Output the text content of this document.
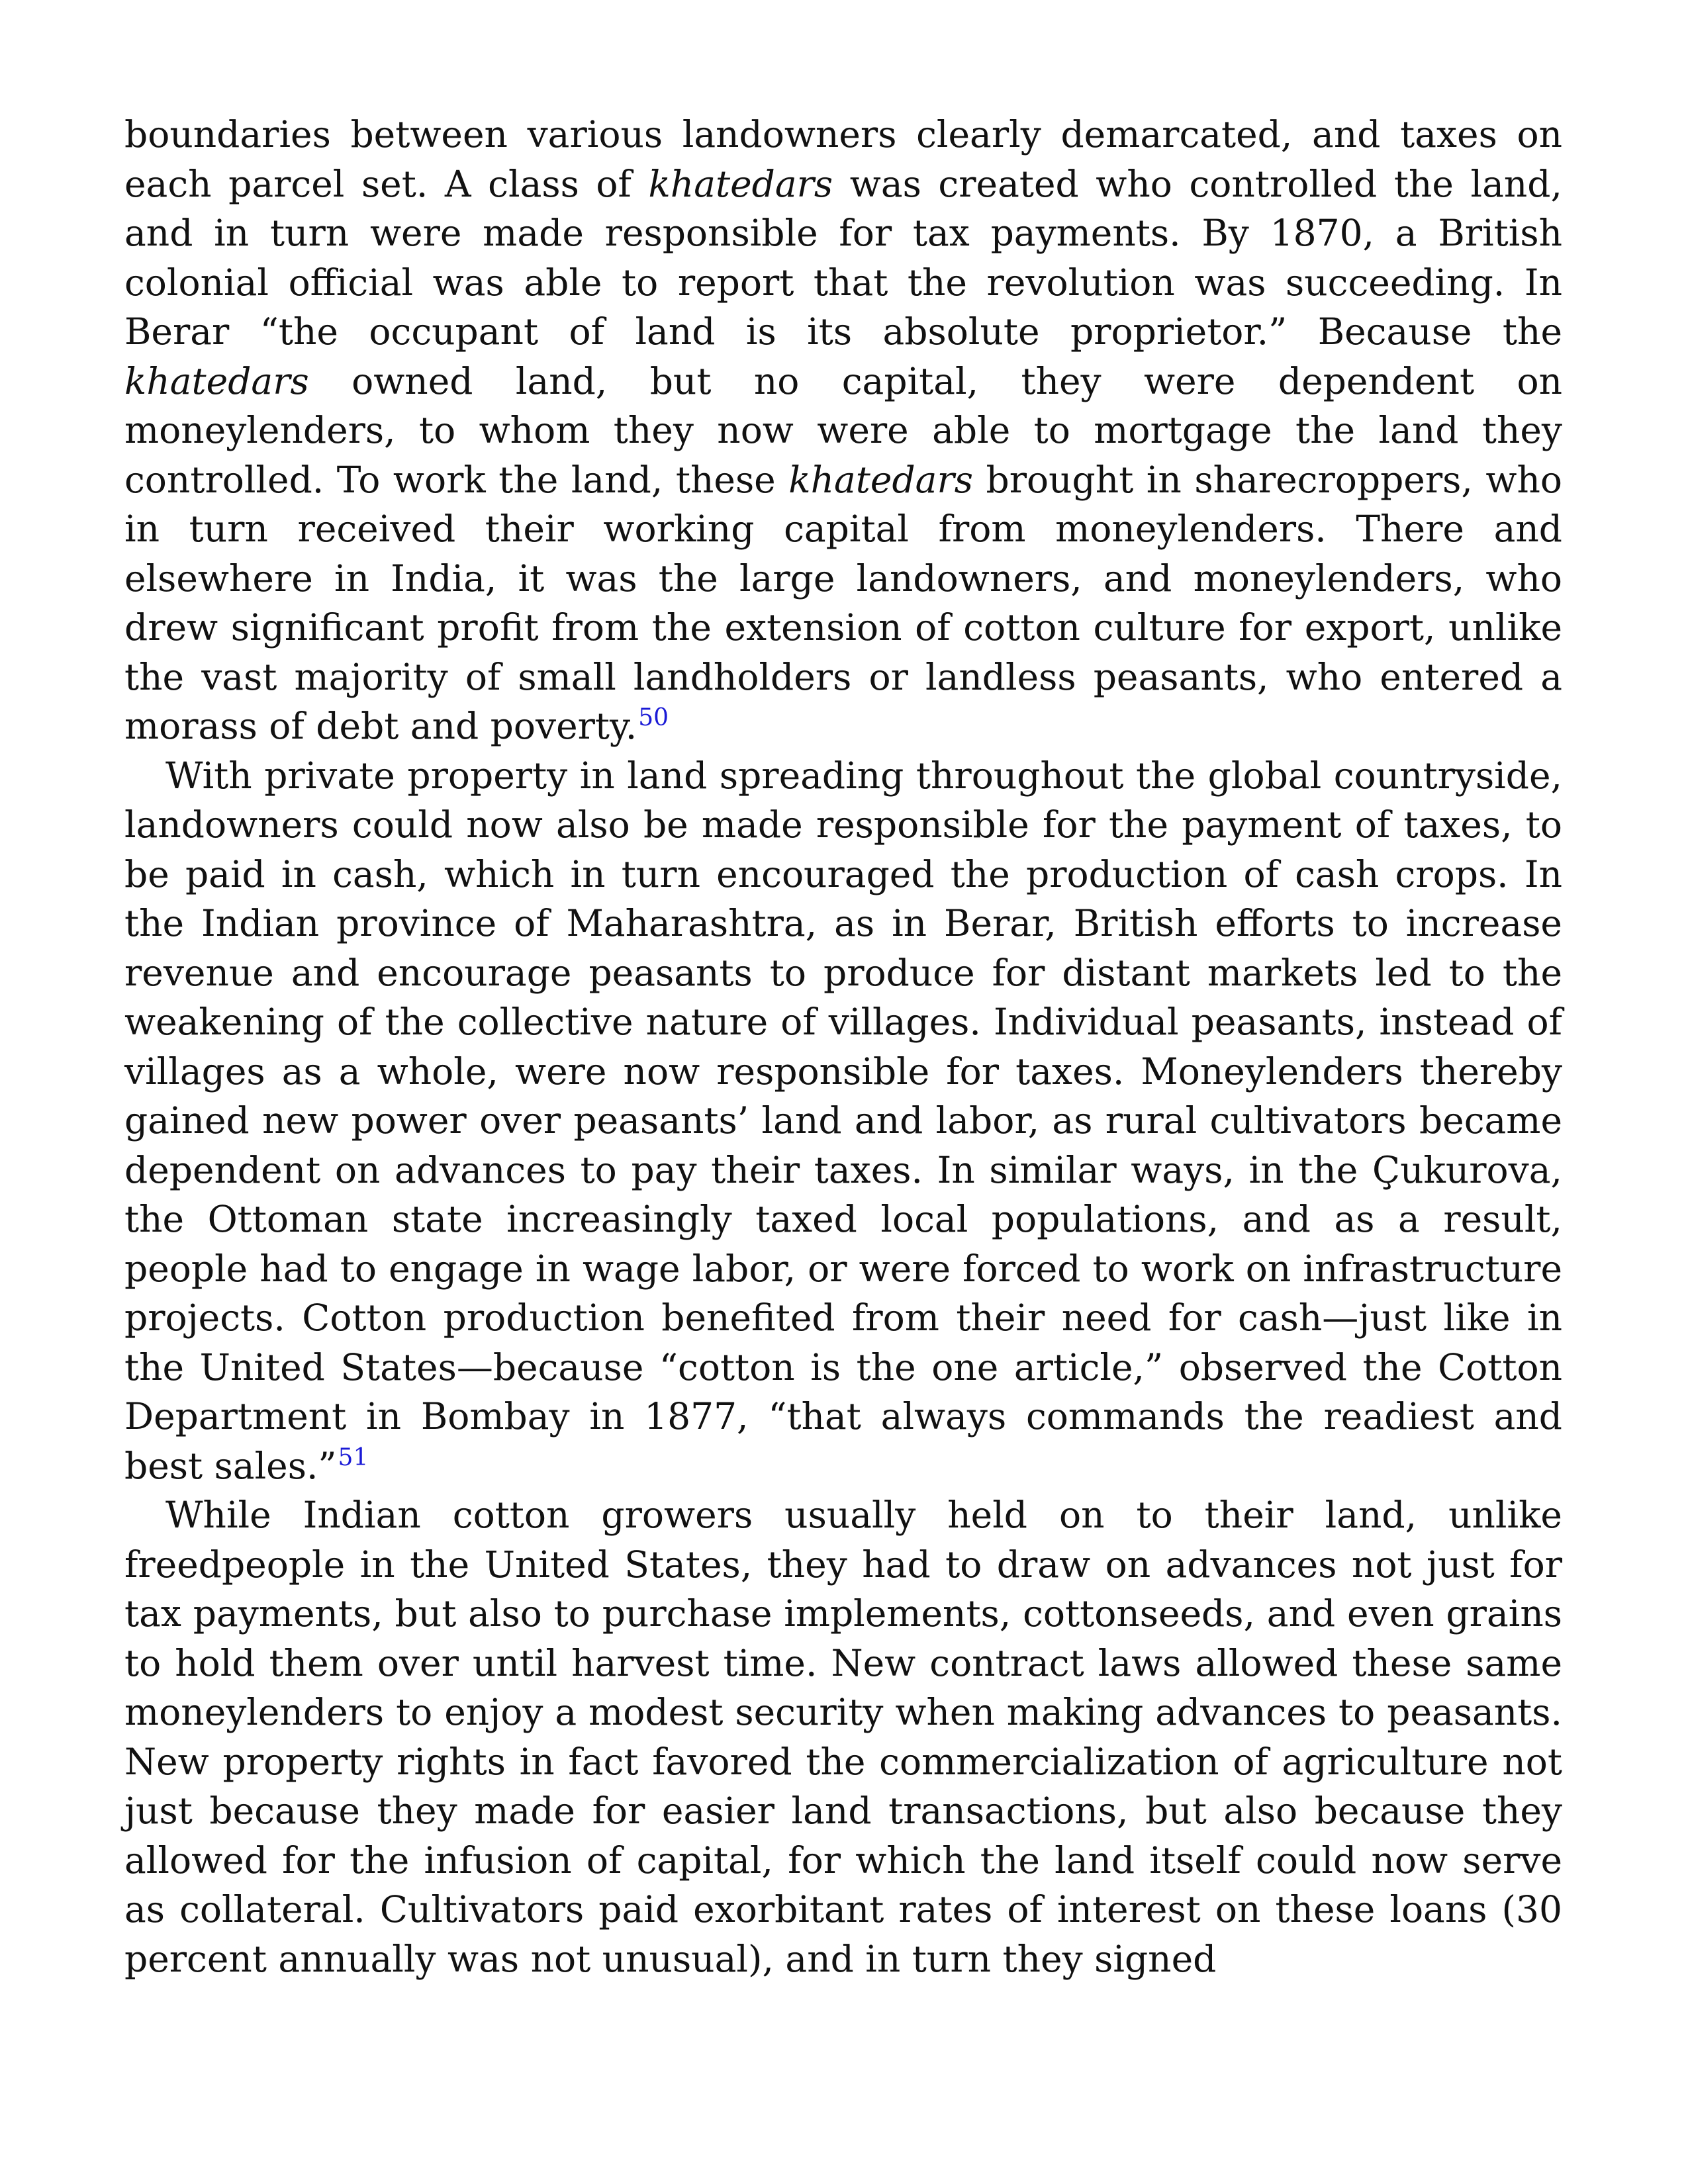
boundaries between various landowners clearly demarcated, and taxes on each parcel set. A class of khatedars was created who controlled the land, and in turn were made responsible for tax payments. By 1870, a British colonial official was able to report that the revolution was succeeding. In Berar “the occupant of land is its absolute proprietor.” Because the khatedars owned land, but no capital, they were dependent on moneylenders, to whom they now were able to mortgage the land they controlled. To work the land, these khatedars brought in sharecroppers, who in turn received their working capital from moneylenders. There and elsewhere in India, it was the large landowners, and moneylenders, who drew significant profit from the extension of cotton culture for export, unlike the vast majority of small landholders or landless peasants, who entered a morass of debt and poverty.$^{50}$

With private property in land spreading throughout the global countryside, landowners could now also be made responsible for the payment of taxes, to be paid in cash, which in turn encouraged the production of cash crops. In the Indian province of Maharashtra, as in Berar, British efforts to increase revenue and encourage peasants to produce for distant markets led to the weakening of the collective nature of villages. Individual peasants, instead of villages as a whole, were now responsible for taxes. Moneylenders thereby gained new power over peasants’ land and labor, as rural cultivators became dependent on advances to pay their taxes. In similar ways, in the Çukurova, the Ottoman state increasingly taxed local populations, and as a result, people had to engage in wage labor, or were forced to work on infrastructure projects. Cotton production benefited from their need for cash—just like in the United States—because “cotton is the one article,” observed the Cotton Department in Bombay in 1877, “that always commands the readiest and best sales.”$^{51}$

While Indian cotton growers usually held on to their land, unlike freedpeople in the United States, they had to draw on advances not just for tax payments, but also to purchase implements, cottonseeds, and even grains to hold them over until harvest time. New contract laws allowed these same moneylenders to enjoy a modest security when making advances to peasants. New property rights in fact favored the commercialization of agriculture not just because they made for easier land transactions, but also because they allowed for the infusion of capital, for which the land itself could now serve as collateral. Cultivators paid exorbitant rates of interest on these loans (30 percent annually was not unusual), and in turn they signed
